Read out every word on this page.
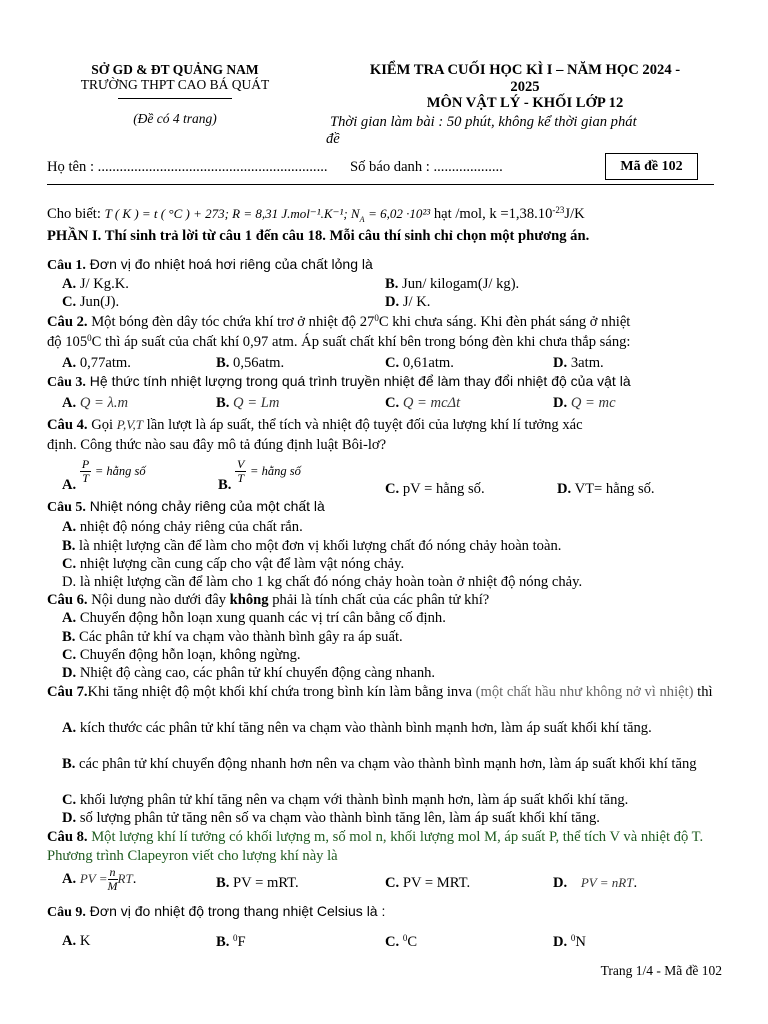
SỞ GD & ĐT QUẢNG NAM
TRƯỜNG THPT CAO BÁ QUÁT
(Đề có 4 trang)
KIỂM TRA CUỐI HỌC KÌ I – NĂM HỌC 2024 -
2025
MÔN VẬT LÝ - KHỐI LỚP 12
Thời gian làm bài : 50 phút, không kể thời gian phát
đề
Họ tên : ............................................................... Số báo danh : ...................	Mã đề 102
Cho biết: T ( K ) = t ( °C ) + 273; R = 8,31 J.mol⁻¹.K⁻¹; $N_A = 6,02 \cdot 10^{23}$ hạt /mol, $k =1,38.10^{-23}J/K$
PHẦN I. Thí sinh trả lời từ câu 1 đến câu 18. Mỗi câu thí sinh chỉ chọn một phương án.
Câu 1. Đơn vị đo nhiệt hoá hơi riêng của chất lỏng là
A. J/ Kg.K.	B. Jun/ kilogam(J/ kg).
C. Jun(J).	D. J/ K.
Câu 2. Một bóng đèn dây tóc chứa khí trơ ở nhiệt độ $27^0C$ khi chưa sáng. Khi đèn phát sáng ở nhiệt
độ $105^0C$ thì áp suất của chất khí 0,97 atm. Áp suất chất khí bên trong bóng đèn khi chưa thắp sáng:
A. 0,77atm.	B. 0,56atm.	C. 0,61atm.	D. 3atm.
Câu 3. Hệ thức tính nhiệt lượng trong quá trình truyền nhiệt để làm thay đổi nhiệt độ của vật là
A. Q = λ.m	B. Q = Lm	C. Q = mcΔt	D. Q = mc
Câu 4. Gọi P,V,T lần lượt là áp suất, thể tích và nhiệt độ tuyệt đối của lượng khí lí tưởng xác
định. Công thức nào sau đây mô tả đúng định luật Bôi-lơ?
A. $\frac{P}{T}$ = hằng số
B. $\frac{V}{T}$ = hằng số
C. pV = hằng số.	D. VT= hằng số.
Câu 5. Nhiệt nóng chảy riêng của một chất là
A. nhiệt độ nóng chảy riêng của chất rắn.
B. là nhiệt lượng cần để làm cho một đơn vị khối lượng chất đó nóng chảy hoàn toàn.
C. nhiệt lượng cần cung cấp cho vật để làm vật nóng chảy.
D. là nhiệt lượng cần để làm cho 1 kg chất đó nóng chảy hoàn toàn ở nhiệt độ nóng chảy.
Câu 6. Nội dung nào dưới đây không phải là tính chất của các phân tử khí?
A. Chuyển động hỗn loạn xung quanh các vị trí cân bằng cố định.
B. Các phân tử khí va chạm vào thành bình gây ra áp suất.
C. Chuyển động hỗn loạn, không ngừng.
D. Nhiệt độ càng cao, các phân tử khí chuyển động càng nhanh.
Câu 7.Khi tăng nhiệt độ một khối khí chứa trong bình kín làm bằng inva (một chất hầu như không nở vì nhiệt) thì
A. kích thước các phân tử khí tăng nên va chạm vào thành bình mạnh hơn, làm áp suất khối khí tăng.
B. các phân tử khí chuyển động nhanh hơn nên va chạm vào thành bình mạnh hơn, làm áp suất khối khí tăng
C. khối lượng phân tử khí tăng nên va chạm với thành bình mạnh hơn, làm áp suất khối khí tăng.
D. số lượng phân tử tăng nên số va chạm vào thành bình tăng lên, làm áp suất khối khí tăng.
Câu 8. Một lượng khí lí tưởng có khối lượng m, số mol n, khối lượng mol M, áp suất P, thể tích V và nhiệt độ T. Phương trình Clapeyron viết cho lượng khí này là
A. PV = $\frac{n}{M}$ RT.	B. PV = mRT.	C. PV = MRT.	D. PV = nRT.
Câu 9. Đơn vị đo nhiệt độ trong thang nhiệt Celsius là :
A. K	B. $^0$F	C. $^0$C	D. $^0$N
Trang 1/4 - Mã đề 102
